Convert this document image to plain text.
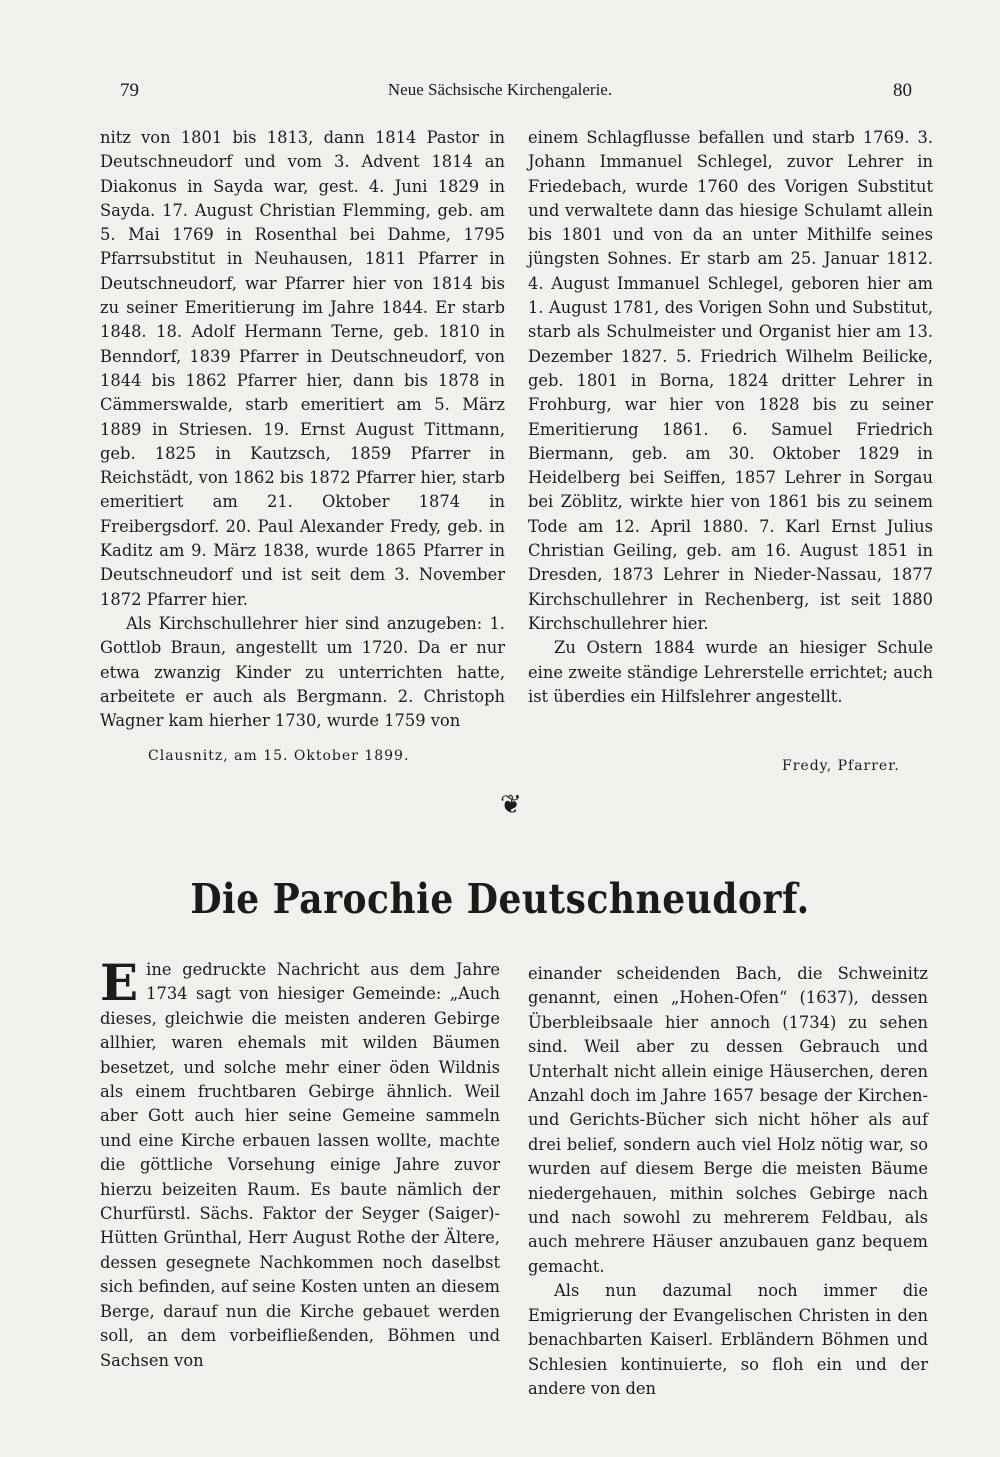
79	Neue Sächsische Kirchengalerie.	80

nitz von 1801 bis 1813, dann 1814 Pastor in Deutschneudorf und vom 3. Advent 1814 an Diakonus in Sayda war, gest. 4. Juni 1829 in Sayda. 17. August Christian Flemming, geb. am 5. Mai 1769 in Rosenthal bei Dahme, 1795 Pfarrsubstitut in Neuhausen, 1811 Pfarrer in Deutschneudorf, war Pfarrer hier von 1814 bis zu seiner Emeritierung im Jahre 1844. Er starb 1848. 18. Adolf Hermann Terne, geb. 1810 in Benndorf, 1839 Pfarrer in Deutschneudorf, von 1844 bis 1862 Pfarrer hier, dann bis 1878 in Cämmerswalde, starb emeritiert am 5. März 1889 in Striesen. 19. Ernst August Tittmann, geb. 1825 in Kautzsch, 1859 Pfarrer in Reichstädt, von 1862 bis 1872 Pfarrer hier, starb emeritiert am 21. Oktober 1874 in Freibergsdorf. 20. Paul Alexander Fredy, geb. in Kaditz am 9. März 1838, wurde 1865 Pfarrer in Deutschneudorf und ist seit dem 3. November 1872 Pfarrer hier.

Als Kirchschullehrer hier sind anzugeben: 1. Gottlob Braun, angestellt um 1720. Da er nur etwa zwanzig Kinder zu unterrichten hatte, arbeitete er auch als Bergmann. 2. Christoph Wagner kam hierher 1730, wurde 1759 von

einem Schlagflusse befallen und starb 1769. 3. Johann Immanuel Schlegel, zuvor Lehrer in Friedebach, wurde 1760 des Vorigen Substitut und verwaltete dann das hiesige Schulamt allein bis 1801 und von da an unter Mithilfe seines jüngsten Sohnes. Er starb am 25. Januar 1812. 4. August Immanuel Schlegel, geboren hier am 1. August 1781, des Vorigen Sohn und Substitut, starb als Schulmeister und Organist hier am 13. Dezember 1827. 5. Friedrich Wilhelm Beilicke, geb. 1801 in Borna, 1824 dritter Lehrer in Frohburg, war hier von 1828 bis zu seiner Emeritierung 1861. 6. Samuel Friedrich Biermann, geb. am 30. Oktober 1829 in Heidelberg bei Seiffen, 1857 Lehrer in Sorgau bei Zöblitz, wirkte hier von 1861 bis zu seinem Tode am 12. April 1880. 7. Karl Ernst Julius Christian Geiling, geb. am 16. August 1851 in Dresden, 1873 Lehrer in Nieder-Nassau, 1877 Kirchschullehrer in Rechenberg, ist seit 1880 Kirchschullehrer hier.

Zu Ostern 1884 wurde an hiesiger Schule eine zweite ständige Lehrerstelle errichtet; auch ist überdies ein Hilfslehrer angestellt.

Clausnitz, am 15. Oktober 1899.
Fredy, Pfarrer.
❦
Die Parochie Deutschneudorf.

Eine gedruckte Nachricht aus dem Jahre 1734 sagt von hiesiger Gemeinde: „Auch dieses, gleichwie die meisten anderen Gebirge allhier, waren ehemals mit wilden Bäumen besetzet, und solche mehr einer öden Wildnis als einem fruchtbaren Gebirge ähnlich. Weil aber Gott auch hier seine Gemeine sammeln und eine Kirche erbauen lassen wollte, machte die göttliche Vorsehung einige Jahre zuvor hierzu beizeiten Raum. Es baute nämlich der Churfürstl. Sächs. Faktor der Seyger (Saiger)-Hütten Grünthal, Herr August Rothe der Ältere, dessen gesegnete Nachkommen noch daselbst sich befinden, auf seine Kosten unten an diesem Berge, darauf nun die Kirche gebauet werden soll, an dem vorbeifließenden, Böhmen und Sachsen von

einander scheidenden Bach, die Schweinitz genannt, einen „Hohen-Ofen“ (1637), dessen Überbleibsaale hier annoch (1734) zu sehen sind. Weil aber zu dessen Gebrauch und Unterhalt nicht allein einige Häuserchen, deren Anzahl doch im Jahre 1657 besage der Kirchen- und Gerichts-Bücher sich nicht höher als auf drei belief, sondern auch viel Holz nötig war, so wurden auf diesem Berge die meisten Bäume niedergehauen, mithin solches Gebirge nach und nach sowohl zu mehrerem Feldbau, als auch mehrere Häuser anzubauen ganz bequem gemacht.

Als nun dazumal noch immer die Emigrierung der Evangelischen Christen in den benachbarten Kaiserl. Erbländern Böhmen und Schlesien kontinuierte, so floh ein und der andere von den
